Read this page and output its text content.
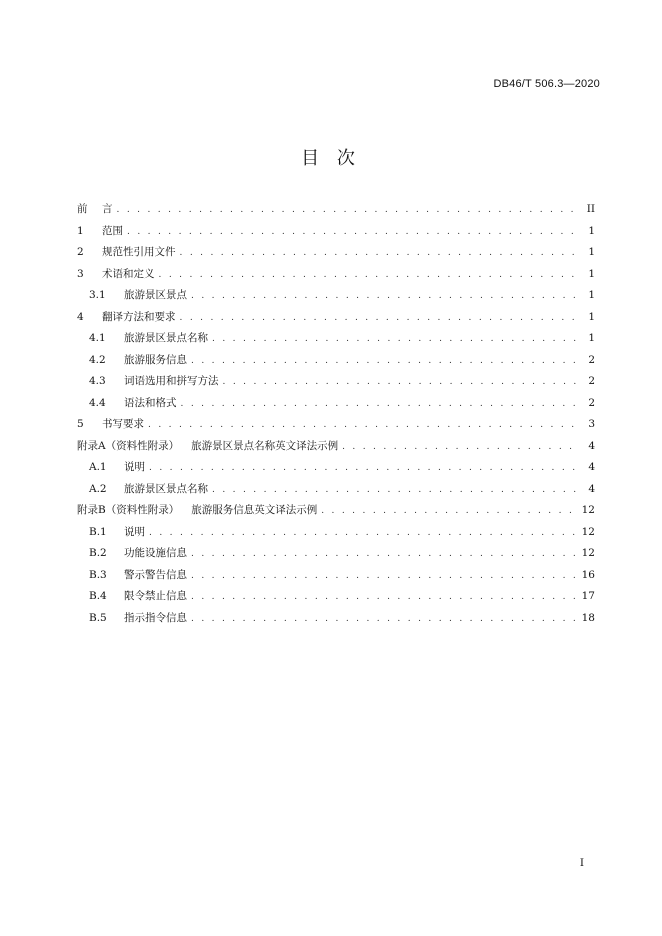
DB46/T 506.3—2020
目 次
前	言 . . .	II
1	范围 . . .	1
2	规范性引用文件 . . .	1
3	术语和定义 . . .	1
3.1	旅游景区景点 . . .	1
4	翻译方法和要求 . . .	1
4.1	旅游景区景点名称 . . .	1
4.2	旅游服务信息 . . .	2
4.3	词语选用和拼写方法 . . .	2
4.4	语法和格式 . . .	2
5	书写要求 . . .	3
附录A（资料性附录） 旅游景区景点名称英文译法示例 . . .	4
A.1	说明 . . .	4
A.2	旅游景区景点名称 . . .	4
附录B（资料性附录） 旅游服务信息英文译法示例 . . .	12
B.1	说明 . . .	12
B.2	功能设施信息 . . .	12
B.3	警示警告信息 . . .	16
B.4	限令禁止信息 . . .	17
B.5	指示指令信息 . . .	18
I
